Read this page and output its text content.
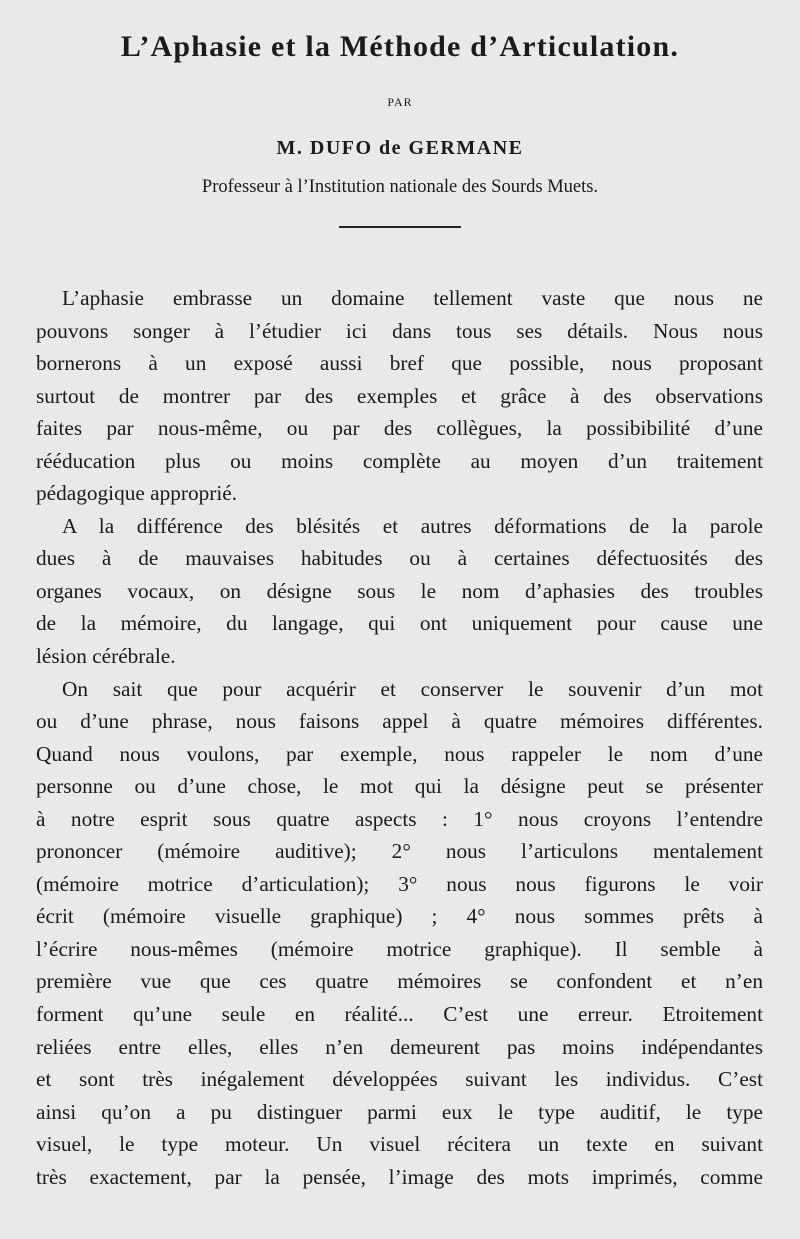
L’Aphasie et la Méthode d’Articulation.
PAR
M. DUFO de GERMANE
Professeur à l’Institution nationale des Sourds Muets.
L’aphasie embrasse un domaine tellement vaste que nous ne
pouvons songer à l’étudier ici dans tous ses détails. Nous nous
bornerons à un exposé aussi bref que possible, nous proposant
surtout de montrer par des exemples et grâce à des observations
faites par nous-même, ou par des collègues, la possibibilité d’une
rééducation plus ou moins complète au moyen d’un traitement
pédagogique approprié.
A la différence des blésités et autres déformations de la parole
dues à de mauvaises habitudes ou à certaines défectuosités des
organes vocaux, on désigne sous le nom d’aphasies des troubles
de la mémoire, du langage, qui ont uniquement pour cause une
lésion cérébrale.
On sait que pour acquérir et conserver le souvenir d’un mot
ou d’une phrase, nous faisons appel à quatre mémoires différentes.
Quand nous voulons, par exemple, nous rappeler le nom d’une
personne ou d’une chose, le mot qui la désigne peut se présenter
à notre esprit sous quatre aspects : 1° nous croyons l’entendre
prononcer (mémoire auditive); 2° nous l’articulons mentalement
(mémoire motrice d’articulation); 3° nous nous figurons le voir
écrit (mémoire visuelle graphique) ; 4° nous sommes prêts à
l’écrire nous-mêmes (mémoire motrice graphique). Il semble à
première vue que ces quatre mémoires se confondent et n’en
forment qu’une seule en réalité... C’est une erreur. Etroitement
reliées entre elles, elles n’en demeurent pas moins indépendantes
et sont très inégalement développées suivant les individus. C’est
ainsi qu’on a pu distinguer parmi eux le type auditif, le type
visuel, le type moteur. Un visuel récitera un texte en suivant
très exactement, par la pensée, l’image des mots imprimés, comme
